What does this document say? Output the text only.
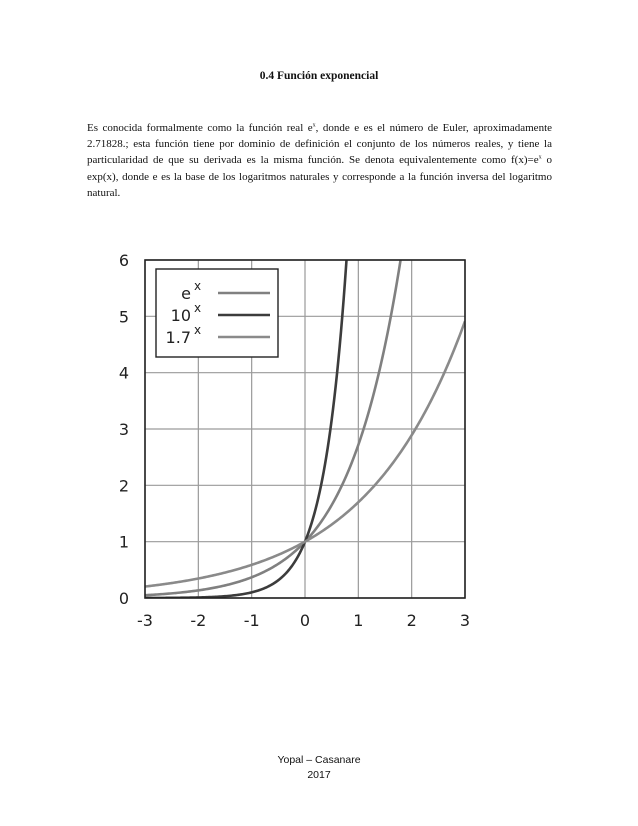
0.4 Función exponencial
Es conocida formalmente como la función real $e^x$, donde e es el número de Euler, aproximadamente 2.71828.; esta función tiene por dominio de definición el conjunto de los números reales, y tiene la particularidad de que su derivada es la misma función. Se denota equivalentemente como $f(x)=e^x$ o exp(x), donde e es la base de los logaritmos naturales y corresponde a la función inversa del logaritmo natural.
0
1
2
3
4
5
6
-3 -2 -1	0	1	2	3
e x
10 x
1.7 x
Yopal – Casanare
2017
